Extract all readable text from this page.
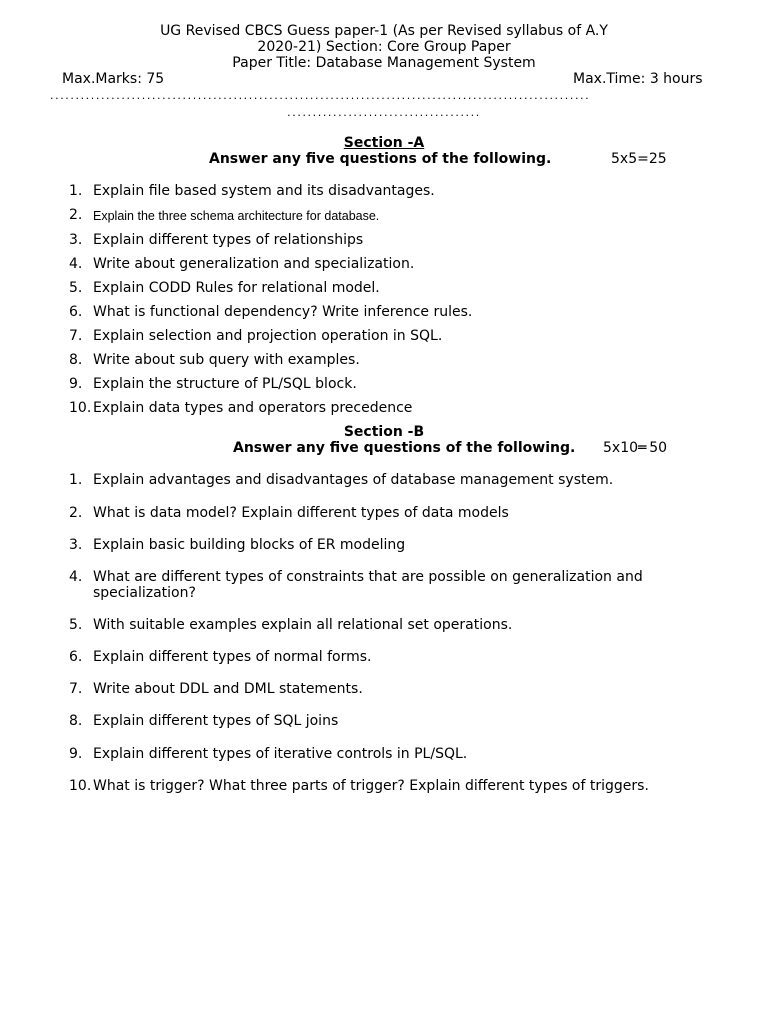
UG Revised CBCS Guess paper-1 (As per Revised syllabus of A.Y
2020-21) Section: Core Group Paper
Paper Title: Database Management System
Max.Marks: 75	Max.Time: 3 hours
..........................................................................................................
......................................
Section -A
Answer any five questions of the following.	5x5=25
1. Explain file based system and its disadvantages.
2. Explain the three schema architecture for database.
3. Explain different types of relationships
4. Write about generalization and specialization.
5. Explain CODD Rules for relational model.
6. What is functional dependency? Write inference rules.
7. Explain selection and projection operation in SQL.
8. Write about sub query with examples.
9. Explain the structure of PL/SQL block.
10. Explain data types and operators precedence
Section -B
Answer any five questions of the following. 5x10═ 50
1. Explain advantages and disadvantages of database management system.
2. What is data model? Explain different types of data models
3. Explain basic building blocks of ER modeling
4. What are different types of constraints that are possible on generalization and specialization?
5. With suitable examples explain all relational set operations.
6. Explain different types of normal forms.
7. Write about DDL and DML statements.
8. Explain different types of SQL joins
9. Explain different types of iterative controls in PL/SQL.
10. What is trigger? What three parts of trigger? Explain different types of triggers.
